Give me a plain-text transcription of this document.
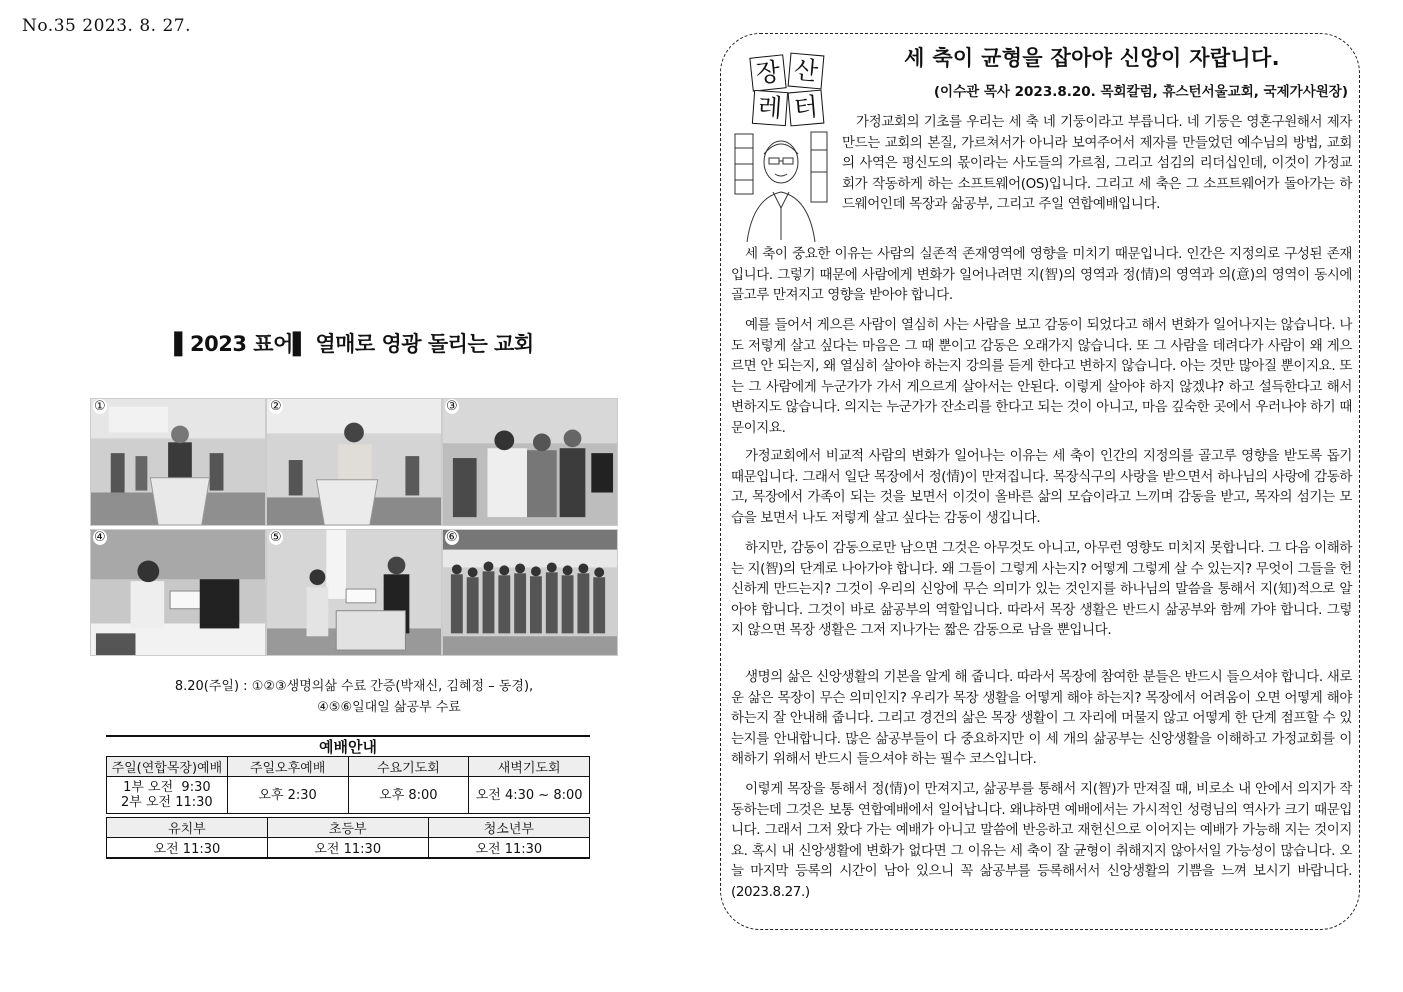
No.35 2023. 8. 27.
▌2023 표어▌ 열매로 영광 돌리는 교회
①	②	③
④	⑤	⑥
8.20(주일) : ①②③생명의삶 수료 간증(박재신, 김혜정 – 동경),
④⑤⑥일대일 삶공부 수료
예배안내
주일(연합목장)예배	주일오후예배	수요기도회	새벽기도회

1부 오전  9:30
2부 오전 11:30	오후 2:30	오후 8:00	오전 4:30 ~ 8:00
유치부	초등부	청소년부
오전 11:30	오전 11:30	오전 11:30
장 산
레 터
세 축이 균형을 잡아야 신앙이 자랍니다.
(이수관 목사 2023.8.20. 목회칼럼, 휴스턴서울교회, 국제가사원장)

가정교회의 기초를 우리는 세 축 네 기둥이라고 부릅니다. 네 기둥은 영혼구원해서 제자 만드는 교회의 본질, 가르쳐서가 아니라 보여주어서 제자를 만들었던 예수님의 방법, 교회의 사역은 평신도의 몫이라는 사도들의 가르침, 그리고 섬김의 리더십인데, 이것이 가정교회가 작동하게 하는 소프트웨어(OS)입니다. 그리고 세 축은 그 소프트웨어가 돌아가는 하드웨어인데 목장과 삶공부, 그리고 주일 연합예배입니다.

세 축이 중요한 이유는 사람의 실존적 존재영역에 영향을 미치기 때문입니다. 인간은 지정의로 구성된 존재입니다. 그렇기 때문에 사람에게 변화가 일어나려면 지(智)의 영역과 정(情)의 영역과 의(意)의 영역이 동시에 골고루 만져지고 영향을 받아야 합니다.

예를 들어서 게으른 사람이 열심히 사는 사람을 보고 감동이 되었다고 해서 변화가 일어나지는 않습니다. 나도 저렇게 살고 싶다는 마음은 그 때 뿐이고 감동은 오래가지 않습니다. 또 그 사람을 데려다가 사람이 왜 게으르면 안 되는지, 왜 열심히 살아야 하는지 강의를 듣게 한다고 변하지 않습니다. 아는 것만 많아질 뿐이지요. 또는 그 사람에게 누군가가 가서 게으르게 살아서는 안된다. 이렇게 살아야 하지 않겠냐? 하고 설득한다고 해서 변하지도 않습니다. 의지는 누군가가 잔소리를 한다고 되는 것이 아니고, 마음 깊숙한 곳에서 우러나야 하기 때문이지요.

가정교회에서 비교적 사람의 변화가 일어나는 이유는 세 축이 인간의 지정의를 골고루 영향을 받도록 돕기 때문입니다. 그래서 일단 목장에서 정(情)이 만져집니다. 목장식구의 사랑을 받으면서 하나님의 사랑에 감동하고, 목장에서 가족이 되는 것을 보면서 이것이 올바른 삶의 모습이라고 느끼며 감동을 받고, 목자의 섬기는 모습을 보면서 나도 저렇게 살고 싶다는 감동이 생깁니다.

하지만, 감동이 감동으로만 남으면 그것은 아무것도 아니고, 아무런 영향도 미치지 못합니다. 그 다음 이해하는 지(智)의 단계로 나아가야 합니다. 왜 그들이 그렇게 사는지? 어떻게 그렇게 살 수 있는지? 무엇이 그들을 헌신하게 만드는지? 그것이 우리의 신앙에 무슨 의미가 있는 것인지를 하나님의 말씀을 통해서 지(知)적으로 알아야 합니다. 그것이 바로 삶공부의 역할입니다. 따라서 목장 생활은 반드시 삶공부와 함께 가야 합니다. 그렇지 않으면 목장 생활은 그저 지나가는 짧은 감동으로 남을 뿐입니다.

생명의 삶은 신앙생활의 기본을 알게 해 줍니다. 따라서 목장에 참여한 분들은 반드시 들으셔야 합니다. 새로운 삶은 목장이 무슨 의미인지? 우리가 목장 생활을 어떻게 해야 하는지? 목장에서 어려움이 오면 어떻게 해야 하는지 잘 안내해 줍니다. 그리고 경건의 삶은 목장 생활이 그 자리에 머물지 않고 어떻게 한 단계 점프할 수 있는지를 안내합니다. 많은 삶공부들이 다 중요하지만 이 세 개의 삶공부는 신앙생활을 이해하고 가정교회를 이해하기 위해서 반드시 들으셔야 하는 필수 코스입니다.

이렇게 목장을 통해서 정(情)이 만져지고, 삶공부를 통해서 지(智)가 만져질 때, 비로소 내 안에서 의지가 작동하는데 그것은 보통 연합예배에서 일어납니다. 왜냐하면 예배에서는 가시적인 성령님의 역사가 크기 때문입니다. 그래서 그저 왔다 가는 예배가 아니고 말씀에 반응하고 재헌신으로 이어지는 예배가 가능해 지는 것이지요. 혹시 내 신앙생활에 변화가 없다면 그 이유는 세 축이 잘 균형이 취해지지 않아서일 가능성이 많습니다. 오늘 마지막 등록의 시간이 남아 있으니 꼭 삶공부를 등록해서서 신앙생활의 기쁨을 느껴 보시기 바랍니다.(2023.8.27.)
